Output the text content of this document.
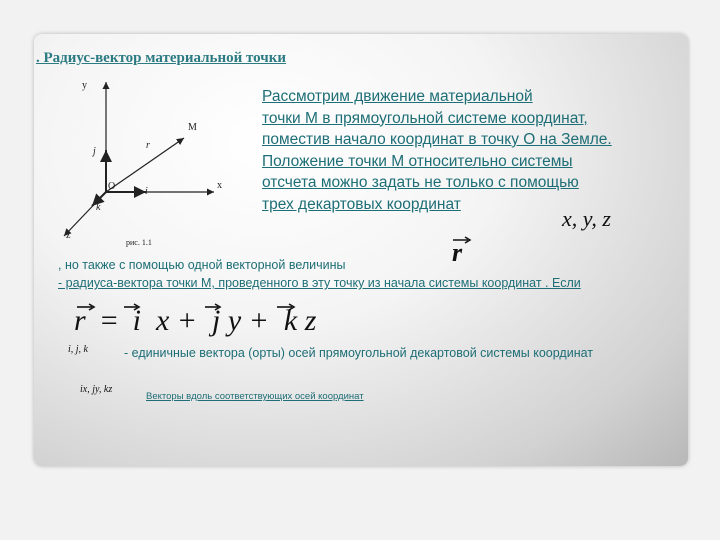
. Радиус-вектор материальной точки
y
M
r
j
O	i
k
x
z
рис. 1.1
Рассмотрим движение материальной
точки М в прямоугольной системе координат,
поместив начало координат в точку О на Земле.
Положение точки М относительно системы
отсчета можно задать не только с помощью
трех декартовых координат
x, y, z
r
, но также с помощью одной векторной величины
- радиуса-вектора точки М, проведенного в эту точку из начала системы координат . Если
r  =
i  x +
j y +
k z
i, j, k	- единичные вектора (орты) осей прямоугольной декартовой системы координат
ix, jy, kz
Векторы вдоль соответствующих осей координат
